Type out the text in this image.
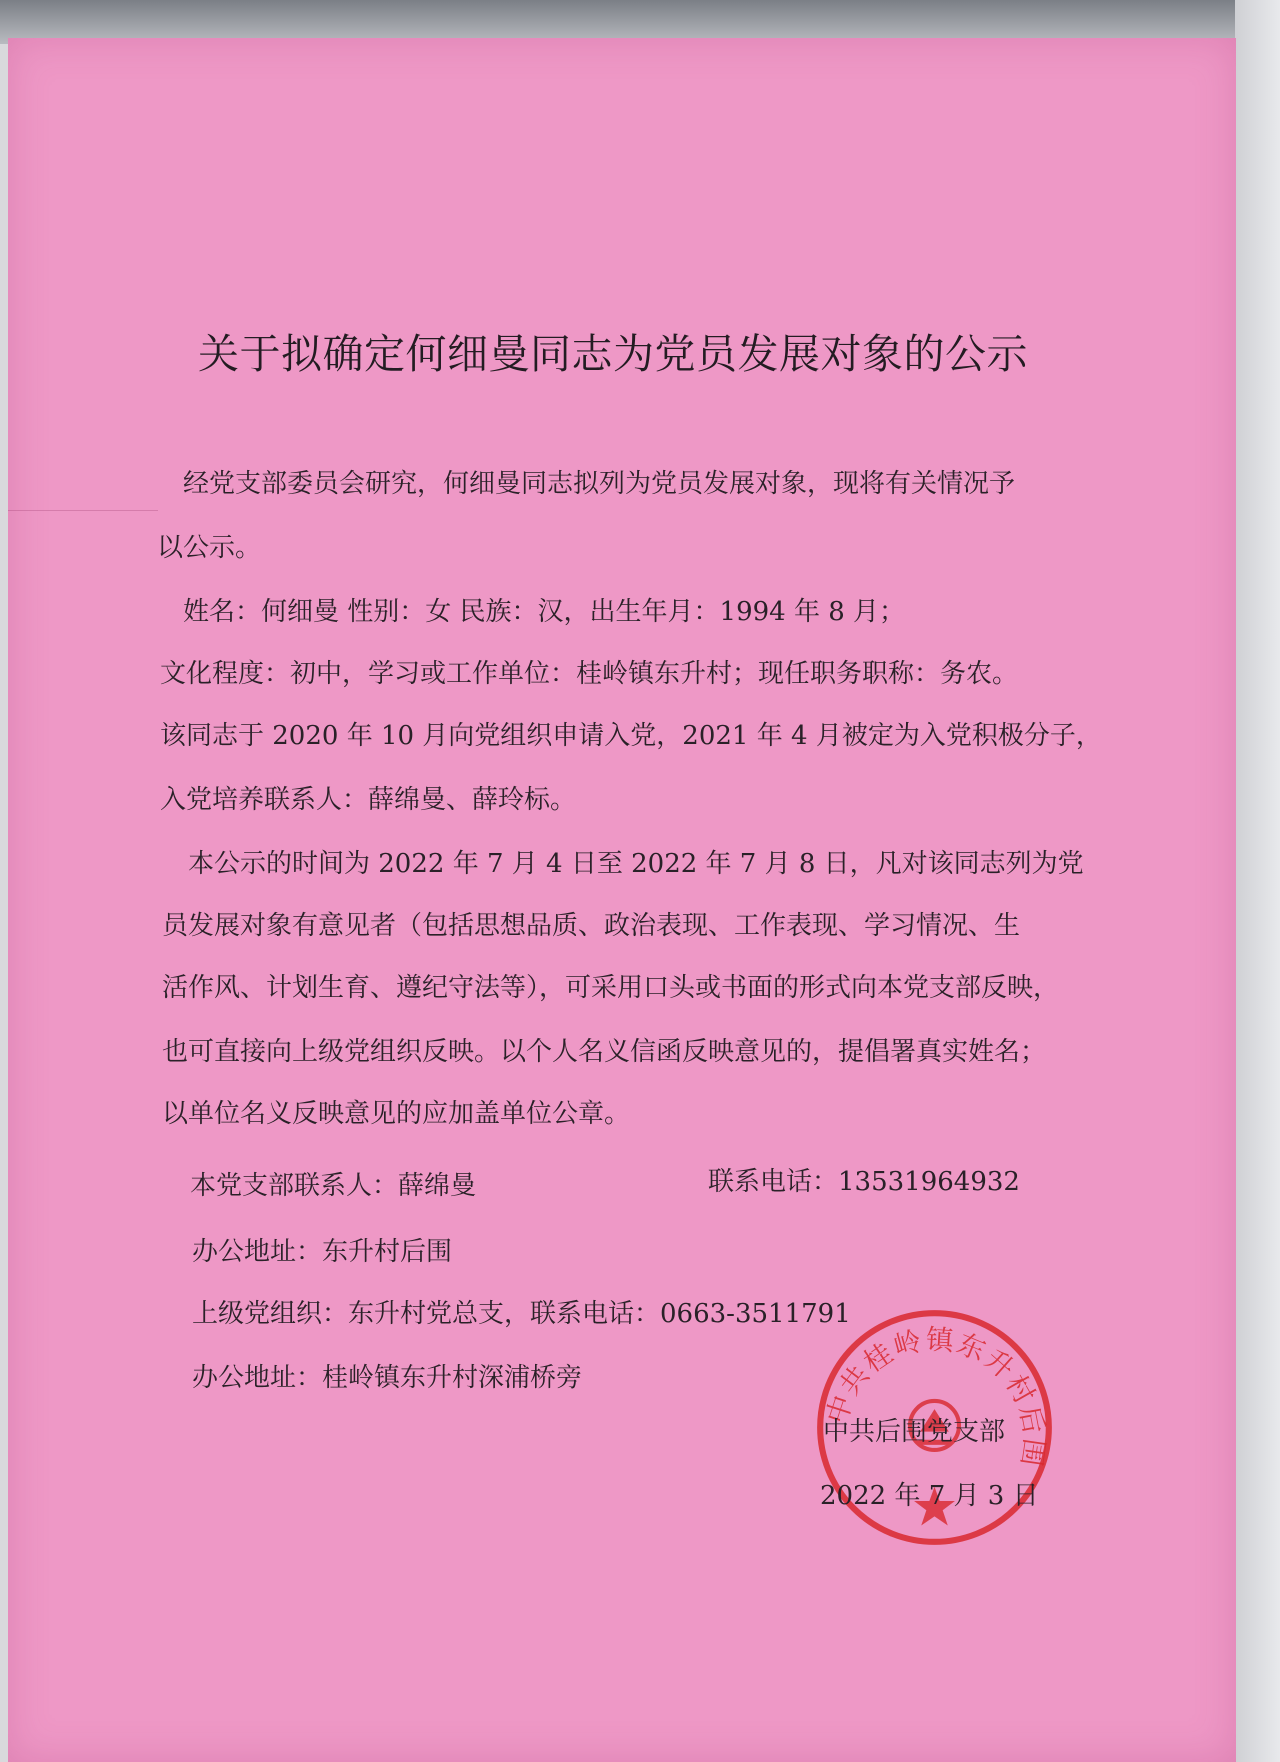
关于拟确定何细曼同志为党员发展对象的公示
经党支部委员会研究，何细曼同志拟列为党员发展对象，现将有关情况予
以公示。
姓名：何细曼 性别：女 民族：汉，出生年月：1994 年 8 月；
文化程度：初中，学习或工作单位：桂岭镇东升村；现任职务职称：务农。
该同志于 2020 年 10 月向党组织申请入党，2021 年 4 月被定为入党积极分子，
入党培养联系人：薛绵曼、薛玲标。
本公示的时间为 2022 年 7 月 4 日至 2022 年 7 月 8 日，凡对该同志列为党
员发展对象有意见者（包括思想品质、政治表现、工作表现、学习情况、生
活作风、计划生育、遵纪守法等），可采用口头或书面的形式向本党支部反映，
也可直接向上级党组织反映。以个人名义信函反映意见的，提倡署真实姓名；
以单位名义反映意见的应加盖单位公章。
本党支部联系人：薛绵曼	联系电话：13531964932
办公地址：东升村后围
上级党组织：东升村党总支，联系电话：0663-3511791
办公地址：桂岭镇东升村深浦桥旁
中共桂岭镇东升村后围
中共后围党支部
2022 年 7 月 3 日
